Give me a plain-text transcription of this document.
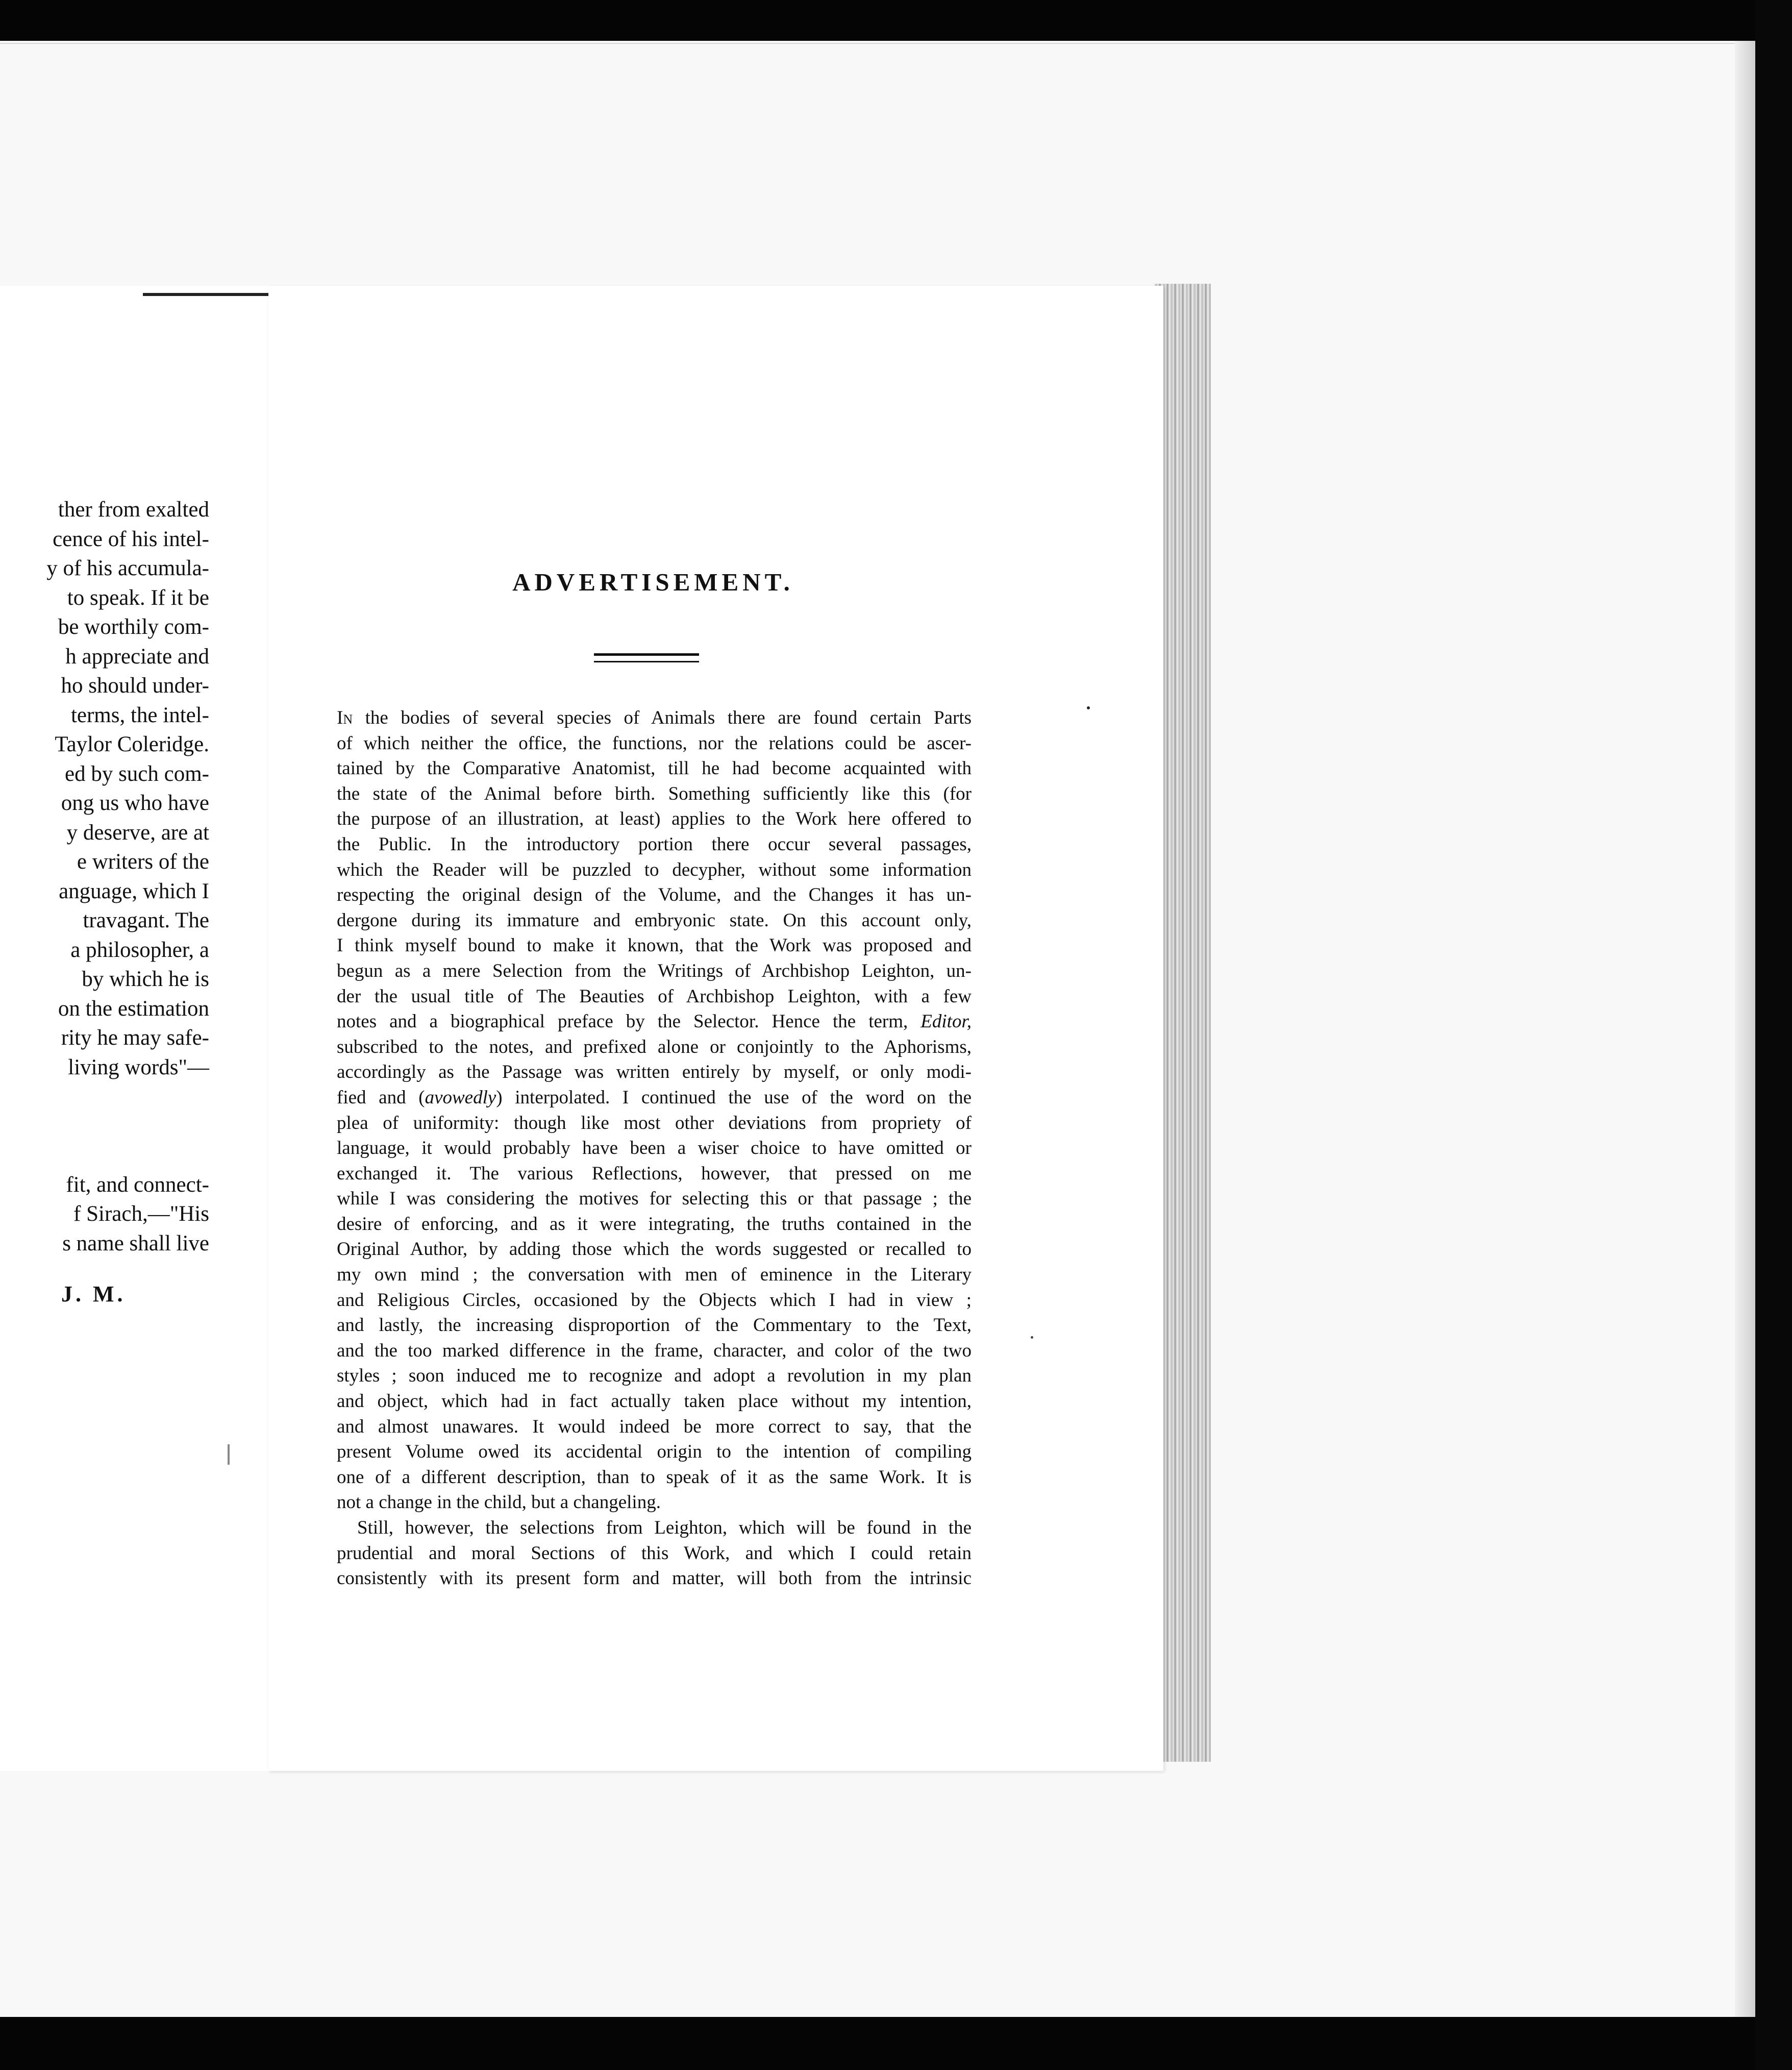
ther from exalted
cence of his intel-
y of his accumula-
to speak. If it be
be worthily com-
h appreciate and
ho should under-
terms, the intel-
Taylor Coleridge.
ed by such com-
ong us who have
y deserve, are at
e writers of the
anguage, which I
travagant. The
a philosopher, a
by which he is
on the estimation
rity he may safe-
living words"—

fit, and connect-
f Sirach,—"His
s name shall live
J. M.
ADVERTISEMENT.
In the bodies of several species of Animals there are found certain Parts
of which neither the office, the functions, nor the relations could be ascer-
tained by the Comparative Anatomist, till he had become acquainted with
the state of the Animal before birth. Something sufficiently like this (for
the purpose of an illustration, at least) applies to the Work here offered to
the Public. In the introductory portion there occur several passages,
which the Reader will be puzzled to decypher, without some information
respecting the original design of the Volume, and the Changes it has un-
dergone during its immature and embryonic state. On this account only,
I think myself bound to make it known, that the Work was proposed and
begun as a mere Selection from the Writings of Archbishop Leighton, un-
der the usual title of The Beauties of Archbishop Leighton, with a few
notes and a biographical preface by the Selector. Hence the term, Editor,
subscribed to the notes, and prefixed alone or conjointly to the Aphorisms,
accordingly as the Passage was written entirely by myself, or only modi-
fied and (avowedly) interpolated. I continued the use of the word on the
plea of uniformity: though like most other deviations from propriety of
language, it would probably have been a wiser choice to have omitted or
exchanged it. The various Reflections, however, that pressed on me
while I was considering the motives for selecting this or that passage ; the
desire of enforcing, and as it were integrating, the truths contained in the
Original Author, by adding those which the words suggested or recalled to
my own mind ; the conversation with men of eminence in the Literary
and Religious Circles, occasioned by the Objects which I had in view ;
and lastly, the increasing disproportion of the Commentary to the Text,
and the too marked difference in the frame, character, and color of the two
styles ; soon induced me to recognize and adopt a revolution in my plan
and object, which had in fact actually taken place without my intention,
and almost unawares. It would indeed be more correct to say, that the
present Volume owed its accidental origin to the intention of compiling
one of a different description, than to speak of it as the same Work. It is
not a change in the child, but a changeling.
Still, however, the selections from Leighton, which will be found in the
prudential and moral Sections of this Work, and which I could retain
consistently with its present form and matter, will both from the intrinsic
